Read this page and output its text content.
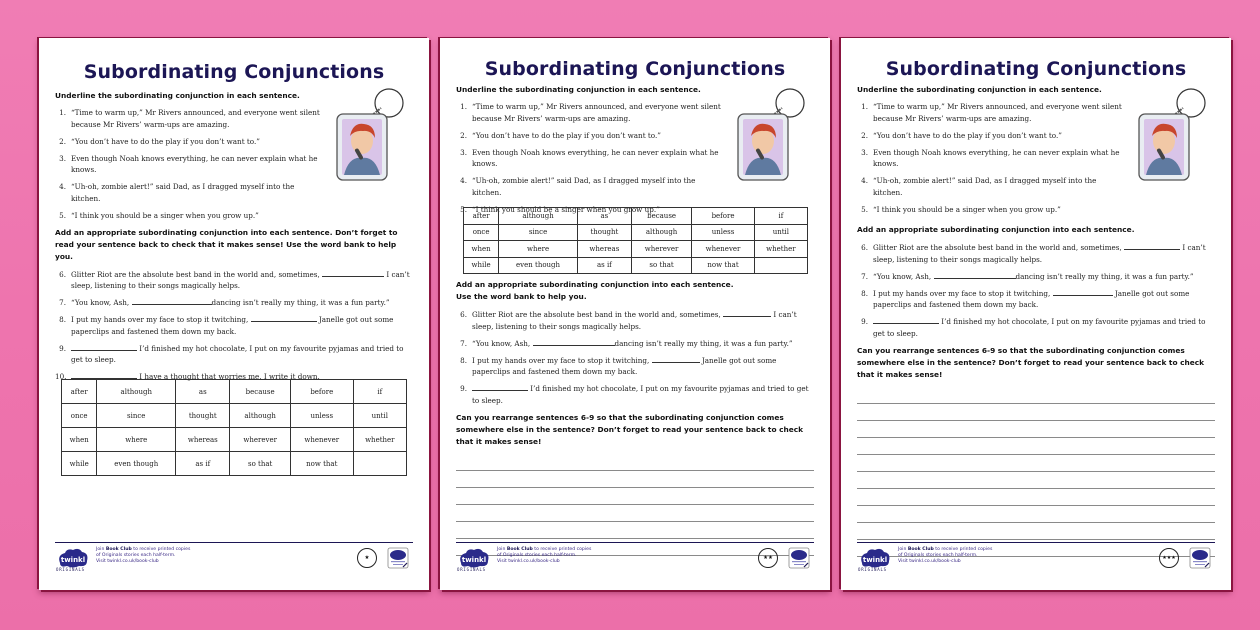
Subordinating Conjunctions
Underline the subordinating conjunction in each sentence.
1. “Time to warm up,” Mr Rivers announced, and everyone went silent because Mr Rivers’ warm-ups are amazing.
2. “You don’t have to do the play if you don’t want to.”
3. Even though Noah knows everything, he can never explain what he knows.
4. “Uh-oh, zombie alert!” said Dad, as I dragged myself into the kitchen.
5. “I think you should be a singer when you grow up.”
Add an appropriate subordinating conjunction into each sentence. Don’t forget to read your sentence back to check that it makes sense! Use the word bank to help you.
6. Glitter Riot are the absolute best band in the world and, sometimes,	I can’t sleep, listening to their songs magically helps.
7. “You know, Ash,	dancing isn’t really my thing, it was a fun party.”
8. I put my hands over my face to stop it twitching,	Janelle got out some paperclips and fastened them down my back.
9.	I’d finished my hot chocolate, I put on my favourite pyjamas and tried to get to sleep.
10.	I have a thought that worries me, I write it down.
after	although	as	because	before	if
once	since	thought	although	unless	until
when	where	whereas	wherever	whenever	whether
while	even though	as if	so that	now that	
twinkl
ORIGINALS
Join Book Club to receive printed copies
of Originals stories each half-term.
Visit twinkl.co.uk/book-club
★
Subordinating Conjunctions
Underline the subordinating conjunction in each sentence.
1. “Time to warm up,” Mr Rivers announced, and everyone went silent because Mr Rivers’ warm-ups are amazing.
2. “You don’t have to do the play if you don’t want to.”
3. Even though Noah knows everything, he can never explain what he knows.
4. “Uh-oh, zombie alert!” said Dad, as I dragged myself into the kitchen.
5. “I think you should be a singer when you grow up.”
after	although	as	because	before	if
once	since	thought	although	unless	until
when	where	whereas	wherever	whenever	whether
while	even though	as if	so that	now that	
Add an appropriate subordinating conjunction into each sentence.
Use the word bank to help you.
6. Glitter Riot are the absolute best band in the world and, sometimes,	I can’t sleep, listening to their songs magically helps.
7. “You know, Ash,	dancing isn’t really my thing, it was a fun party.”
8. I put my hands over my face to stop it twitching,	Janelle got out some paperclips and fastened them down my back.
9.	I’d finished my hot chocolate, I put on my favourite pyjamas and tried to get to sleep.
Can you rearrange sentences 6-9 so that the subordinating conjunction comes somewhere else in the sentence? Don’t forget to read your sentence back to check that it makes sense!
twinkl
ORIGINALS
Join Book Club to receive printed copies
of Originals stories each half-term.
Visit twinkl.co.uk/book-club
★★
Subordinating Conjunctions
Underline the subordinating conjunction in each sentence.
1. “Time to warm up,” Mr Rivers announced, and everyone went silent because Mr Rivers’ warm-ups are amazing.
2. “You don’t have to do the play if you don’t want to.”
3. Even though Noah knows everything, he can never explain what he knows.
4. “Uh-oh, zombie alert!” said Dad, as I dragged myself into the kitchen.
5. “I think you should be a singer when you grow up.”
Add an appropriate subordinating conjunction into each sentence.
6. Glitter Riot are the absolute best band in the world and, sometimes,	I can’t sleep, listening to their songs magically helps.
7. “You know, Ash,	dancing isn’t really my thing, it was a fun party.”
8. I put my hands over my face to stop it twitching,	Janelle got out some paperclips and fastened them down my back.
9.	I’d finished my hot chocolate, I put on my favourite pyjamas and tried to get to sleep.
Can you rearrange sentences 6-9 so that the subordinating conjunction comes somewhere else in the sentence? Don’t forget to read your sentence back to check that it makes sense!
twinkl
ORIGINALS
Join Book Club to receive printed copies
of Originals stories each half-term.
Visit twinkl.co.uk/book-club
★★★
